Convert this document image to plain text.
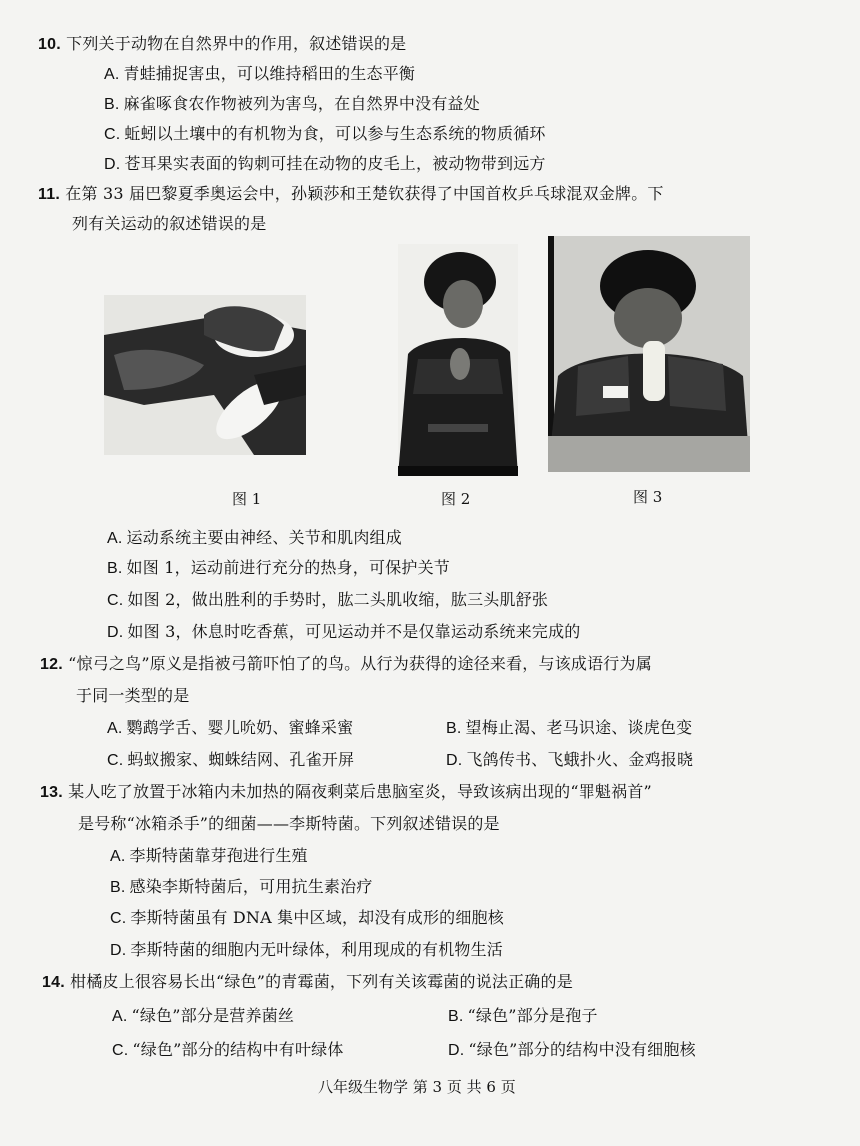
10. 下列关于动物在自然界中的作用，叙述错误的是
A. 青蛙捕捉害虫，可以维持稻田的生态平衡
B. 麻雀啄食农作物被列为害鸟，在自然界中没有益处
C. 蚯蚓以土壤中的有机物为食，可以参与生态系统的物质循环
D. 苍耳果实表面的钩刺可挂在动物的皮毛上，被动物带到远方
11. 在第 33 届巴黎夏季奥运会中，孙颖莎和王楚钦获得了中国首枚乒乓球混双金牌。下
列有关运动的叙述错误的是
图 1	图 2	图 3
A. 运动系统主要由神经、关节和肌肉组成
B. 如图 1，运动前进行充分的热身，可保护关节
C. 如图 2，做出胜利的手势时，肱二头肌收缩，肱三头肌舒张
D. 如图 3，休息时吃香蕉，可见运动并不是仅靠运动系统来完成的
12. “惊弓之鸟”原义是指被弓箭吓怕了的鸟。从行为获得的途径来看，与该成语行为属
于同一类型的是
A. 鹦鹉学舌、婴儿吮奶、蜜蜂采蜜	B. 望梅止渴、老马识途、谈虎色变
C. 蚂蚁搬家、蜘蛛结网、孔雀开屏	D. 飞鸽传书、飞蛾扑火、金鸡报晓
13. 某人吃了放置于冰箱内未加热的隔夜剩菜后患脑室炎，导致该病出现的“罪魁祸首”
是号称“冰箱杀手”的细菌——李斯特菌。下列叙述错误的是
A. 李斯特菌靠芽孢进行生殖
B. 感染李斯特菌后，可用抗生素治疗
C. 李斯特菌虽有 DNA 集中区域，却没有成形的细胞核
D. 李斯特菌的细胞内无叶绿体，利用现成的有机物生活
14. 柑橘皮上很容易长出“绿色”的青霉菌，下列有关该霉菌的说法正确的是
A. “绿色”部分是营养菌丝	B. “绿色”部分是孢子
C. “绿色”部分的结构中有叶绿体	D. “绿色”部分的结构中没有细胞核
八年级生物学 第 3 页 共 6 页
